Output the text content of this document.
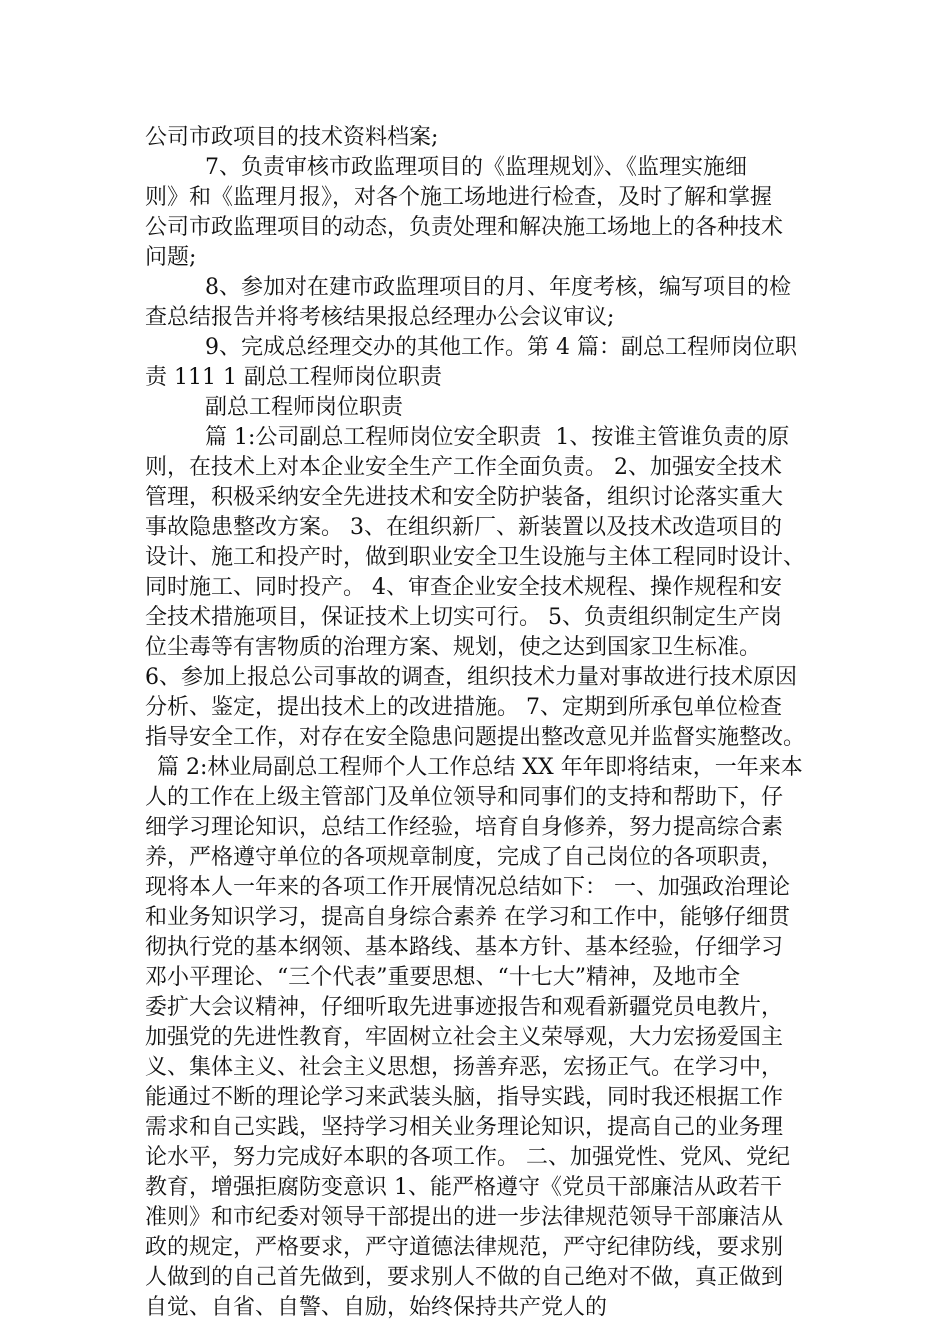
公司市政项目的技术资料档案;

7、负责审核市政监理项目的《监理规划》、《监理实施细

则》和《监理月报》，对各个施工场地进行检查，及时了解和掌握

公司市政监理项目的动态，负责处理和解决施工场地上的各种技术

问题;

8、参加对在建市政监理项目的月、年度考核，编写项目的检

查总结报告并将考核结果报总经理办公会议审议;

9、完成总经理交办的其他工作。第 4 篇：副总工程师岗位职

责 111 1 副总工程师岗位职责

副总工程师岗位职责

篇 1:公司副总工程师岗位安全职责  1、按谁主管谁负责的原

则，在技术上对本企业安全生产工作全面负责。 2、加强安全技术

管理，积极采纳安全先进技术和安全防护装备，组织讨论落实重大

事故隐患整改方案。 3、在组织新厂、新装置以及技术改造项目的

设计、施工和投产时，做到职业安全卫生设施与主体工程同时设计、

同时施工、同时投产。 4、审查企业安全技术规程、操作规程和安

全技术措施项目，保证技术上切实可行。 5、负责组织制定生产岗

位尘毒等有害物质的治理方案、规划，使之达到国家卫生标准。

6、参加上报总公司事故的调查，组织技术力量对事故进行技术原因

分析、鉴定，提出技术上的改进措施。 7、定期到所承包单位检查

指导安全工作，对存在安全隐患问题提出整改意见并监督实施整改。

篇 2:林业局副总工程师个人工作总结 XX 年年即将结束，一年来本

人的工作在上级主管部门及单位领导和同事们的支持和帮助下，仔

细学习理论知识，总结工作经验，培育自身修养，努力提高综合素

养，严格遵守单位的各项规章制度，完成了自己岗位的各项职责，

现将本人一年来的各项工作开展情况总结如下： 一、加强政治理论

和业务知识学习，提高自身综合素养 在学习和工作中，能够仔细贯

彻执行党的基本纲领、基本路线、基本方针、基本经验，仔细学习

邓小平理论、“三个代表”重要思想、“十七大”精神，及地市全

委扩大会议精神，仔细听取先进事迹报告和观看新疆党员电教片，

加强党的先进性教育，牢固树立社会主义荣辱观，大力宏扬爱国主

义、集体主义、社会主义思想，扬善弃恶，宏扬正气。在学习中，

能通过不断的理论学习来武装头脑，指导实践，同时我还根据工作

需求和自己实践，坚持学习相关业务理论知识，提高自己的业务理

论水平，努力完成好本职的各项工作。 二、加强党性、党风、党纪

教育，增强拒腐防变意识 1、能严格遵守《党员干部廉洁从政若干

准则》和市纪委对领导干部提出的进一步法律规范领导干部廉洁从

政的规定，严格要求，严守道德法律规范，严守纪律防线，要求别

人做到的自己首先做到，要求别人不做的自己绝对不做，真正做到

自觉、自省、自警、自励，始终保持共产党人的
